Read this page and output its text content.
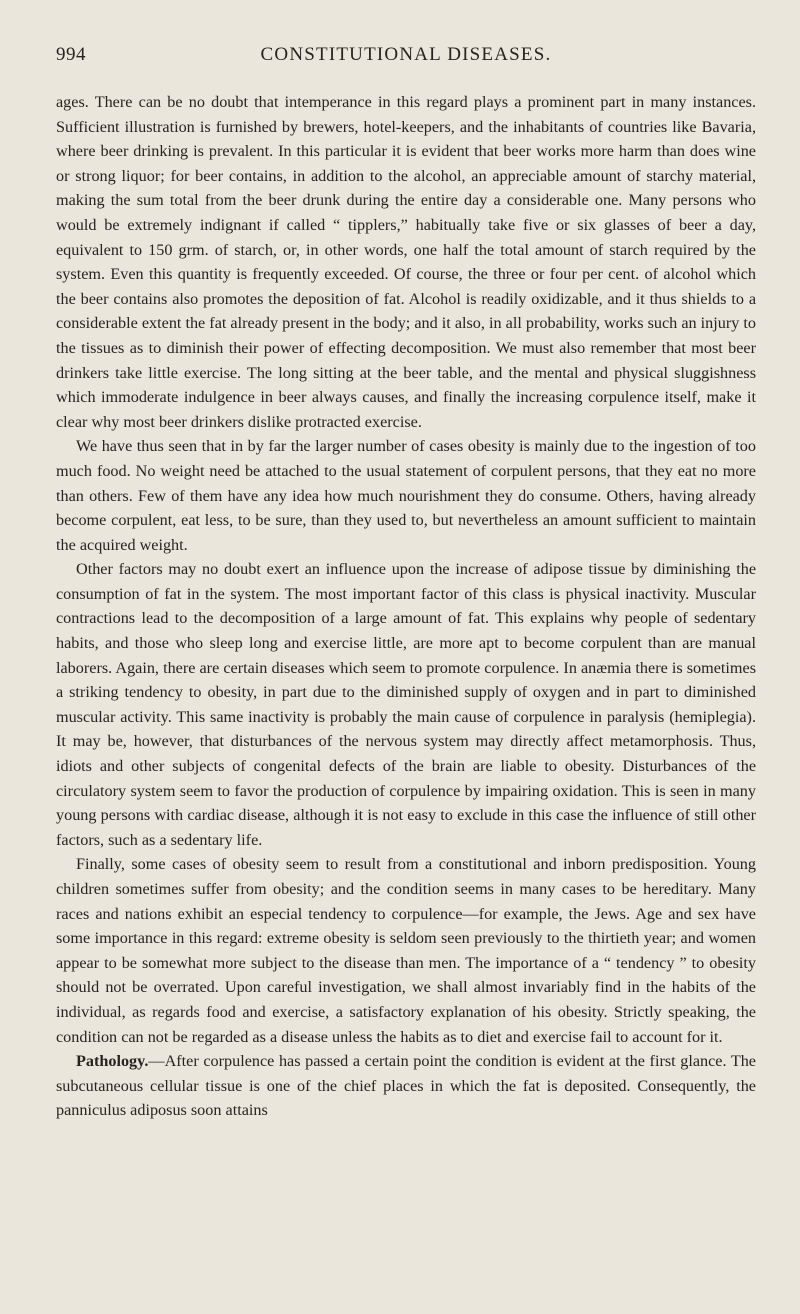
994	CONSTITUTIONAL DISEASES.

ages. There can be no doubt that intemperance in this regard plays a prominent part in many instances. Sufficient illustration is furnished by brewers, hotel-keepers, and the inhabitants of countries like Bavaria, where beer drinking is prevalent. In this particular it is evident that beer works more harm than does wine or strong liquor; for beer contains, in addition to the alcohol, an appreciable amount of starchy material, making the sum total from the beer drunk during the entire day a considerable one. Many persons who would be extremely indignant if called “ tipplers,” habitually take five or six glasses of beer a day, equivalent to 150 grm. of starch, or, in other words, one half the total amount of starch required by the system. Even this quantity is frequently exceeded. Of course, the three or four per cent. of alcohol which the beer contains also promotes the deposition of fat. Alcohol is readily oxidizable, and it thus shields to a considerable extent the fat already present in the body; and it also, in all probability, works such an injury to the tissues as to diminish their power of effecting decomposition. We must also remember that most beer drinkers take little exercise. The long sitting at the beer table, and the mental and physical sluggishness which immoderate indulgence in beer always causes, and finally the increasing corpulence itself, make it clear why most beer drinkers dislike protracted exercise.

We have thus seen that in by far the larger number of cases obesity is mainly due to the ingestion of too much food. No weight need be attached to the usual statement of corpulent persons, that they eat no more than others. Few of them have any idea how much nourishment they do consume. Others, having already become corpulent, eat less, to be sure, than they used to, but nevertheless an amount sufficient to maintain the acquired weight.

Other factors may no doubt exert an influence upon the increase of adipose tissue by diminishing the consumption of fat in the system. The most important factor of this class is physical inactivity. Muscular contractions lead to the decomposition of a large amount of fat. This explains why people of sedentary habits, and those who sleep long and exercise little, are more apt to become corpulent than are manual laborers. Again, there are certain diseases which seem to promote corpulence. In anæmia there is sometimes a striking tendency to obesity, in part due to the diminished supply of oxygen and in part to diminished muscular activity. This same inactivity is probably the main cause of corpulence in paralysis (hemiplegia). It may be, however, that disturbances of the nervous system may directly affect metamorphosis. Thus, idiots and other subjects of congenital defects of the brain are liable to obesity. Disturbances of the circulatory system seem to favor the production of corpulence by impairing oxidation. This is seen in many young persons with cardiac disease, although it is not easy to exclude in this case the influence of still other factors, such as a sedentary life.

Finally, some cases of obesity seem to result from a constitutional and inborn predisposition. Young children sometimes suffer from obesity; and the condition seems in many cases to be hereditary. Many races and nations exhibit an especial tendency to corpulence—for example, the Jews. Age and sex have some importance in this regard: extreme obesity is seldom seen previously to the thirtieth year; and women appear to be somewhat more subject to the disease than men. The importance of a “ tendency ” to obesity should not be overrated. Upon careful investigation, we shall almost invariably find in the habits of the individual, as regards food and exercise, a satisfactory explanation of his obesity. Strictly speaking, the condition can not be regarded as a disease unless the habits as to diet and exercise fail to account for it.

Pathology.—After corpulence has passed a certain point the condition is evident at the first glance. The subcutaneous cellular tissue is one of the chief places in which the fat is deposited. Consequently, the panniculus adiposus soon attains
